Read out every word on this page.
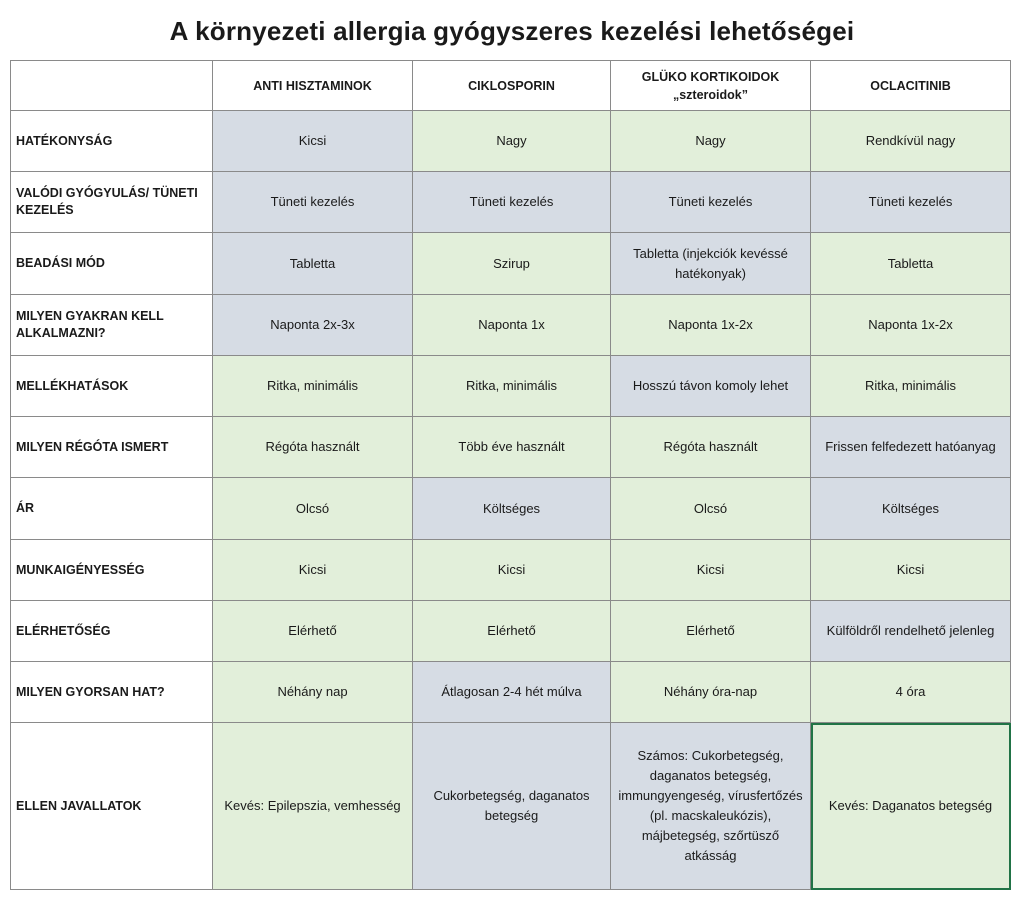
A környezeti allergia gyógyszeres kezelési lehetőségei
	ANTI HISZTAMINOK	CIKLOSPORIN	GLÜKO KORTIKOIDOK „szteroidok”	OCLACITINIB
HATÉKONYSÁG	Kicsi	Nagy	Nagy	Rendkívül nagy
VALÓDI GYÓGYULÁS/ TÜNETI KEZELÉS	Tüneti kezelés	Tüneti kezelés	Tüneti kezelés	Tüneti kezelés
BEADÁSI MÓD	Tabletta	Szirup	Tabletta (injekciók kevéssé hatékonyak)	Tabletta
MILYEN GYAKRAN KELL ALKALMAZNI?	Naponta 2x-3x	Naponta 1x	Naponta 1x-2x	Naponta 1x-2x
MELLÉKHATÁSOK	Ritka, minimális	Ritka, minimális	Hosszú távon komoly lehet	Ritka, minimális
MILYEN RÉGÓTA ISMERT	Régóta használt	Több éve használt	Régóta használt	Frissen felfedezett hatóanyag
ÁR	Olcsó	Költséges	Olcsó	Költséges
MUNKAIGÉNYESSÉG	Kicsi	Kicsi	Kicsi	Kicsi
ELÉRHETŐSÉG	Elérhető	Elérhető	Elérhető	Külföldről rendelhető jelenleg
MILYEN GYORSAN HAT?	Néhány nap	Átlagosan 2-4 hét múlva	Néhány óra-nap	4 óra
ELLEN JAVALLATOK	Kevés: Epilepszia, vemhesség	Cukorbetegség, daganatos betegség	Számos: Cukorbetegség, daganatos betegség, immungyengeség, vírusfertőzés (pl. macskaleukózis), májbetegség, szőrtüsző atkásság	Kevés: Daganatos betegség
